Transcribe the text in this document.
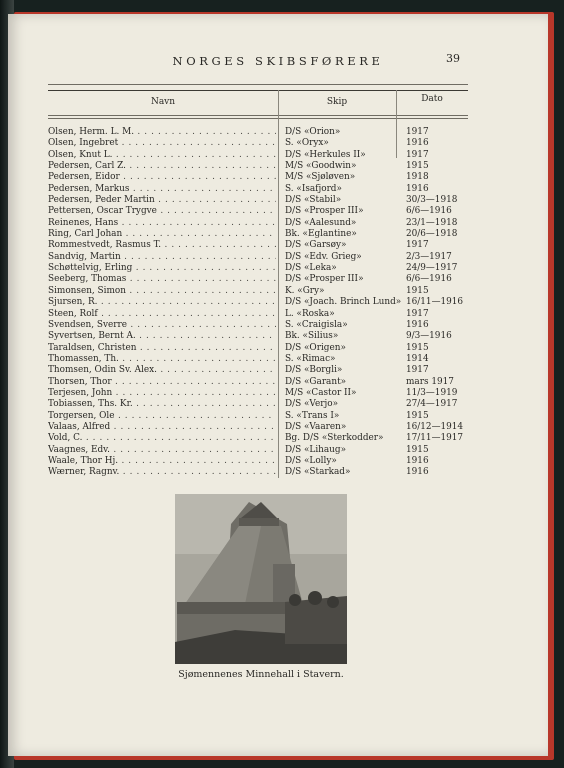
NORGES SKIBSFØRERE	39
Navn	Skip	Dato
Olsen, Herm. L. M. . . .	D/S «Orion»	1917
Olsen, Ingebret . . .	S. «Oryx»	1916
Olsen, Knut L. . . .	D/S «Herkules II»	1917
Pedersen, Carl Z. . . .	M/S «Goodwin»	1915
Pedersen, Eidor . . .	M/S «Sjøløven»	1918
Pedersen, Markus . . .	S. «Isafjord»	1916
Pedersen, Peder Martin . . .	D/S «Stabil»	30/3—1918
Pettersen, Oscar Trygve . . .	D/S «Prosper III»	6/6—1916
Reinenes, Hans . . .	D/S «Aalesund»	23/1—1918
Ring, Carl Johan . . .	Bk. «Eglantine»	20/6—1918
Rommestvedt, Rasmus T. . . .	D/S «Garsøy»	1917
Sandvig, Martin . . .	D/S «Edv. Grieg»	2/3—1917
Schøttelvig, Erling . . .	D/S «Leka»	24/9—1917
Seeberg, Thomas . . .	D/S «Prosper III»	6/6—1916
Simonsen, Simon . . .	K. «Gry»	1915
Sjursen, R. . . .	D/S «Joach. Brinch Lund» 16/11—1916
Steen, Rolf . . .	L. «Roska»	1917
Svendsen, Sverre . . .	S. «Craigisla»	1916
Syvertsen, Bernt A. . . .	Bk. «Silius»	9/3—1916
Taraldsen, Christen . . .	D/S «Origen»	1915
Thomassen, Th. . . .	S. «Rimac»	1914
Thomsen, Odin Sv. Alex. . . .	D/S «Borgli»	1917
Thorsen, Thor . . .	D/S «Garant»	mars 1917
Terjesen, John . . .	M/S «Castor II»	11/3—1919
Tobiassen, Ths. Kr. . . .	D/S «Verjo»	27/4—1917
Torgersen, Ole . . .	S. «Trans I»	1915
Valaas, Alfred . . .	D/S «Vaaren»	16/12—1914
Vold, C. . . .	Bg. D/S «Sterkodder»	17/11—1917
Vaagnes, Edv. . . .	D/S «Lihaug»	1915
Waale, Thor Hj. . . .	D/S «Lolly»	1916
Wærner, Ragnv. . . .	D/S «Starkad»	1916
Sjømennenes Minnehall i Stavern.
